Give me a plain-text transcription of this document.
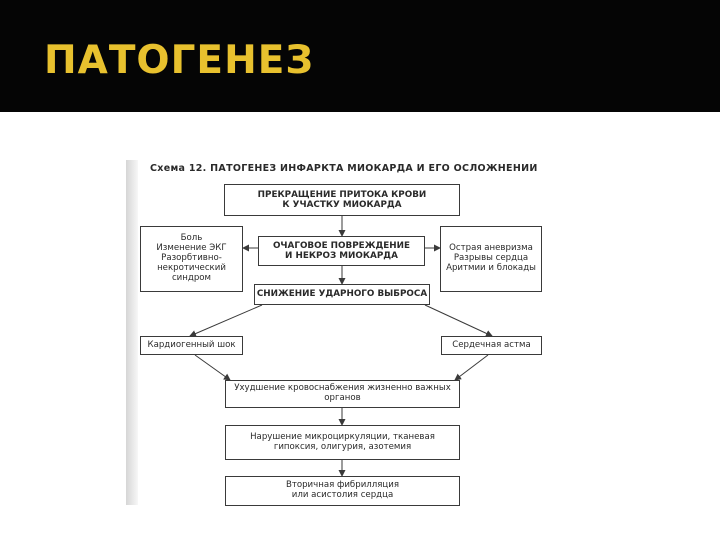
ПАТОГЕНЕЗ
Схема 12. ПАТОГЕНЕЗ ИНФАРКТА МИОКАРДА И ЕГО ОСЛОЖНЕНИЙ
ПРЕКРАЩЕНИЕ ПРИТОКА КРОВИ
К УЧАСТКУ МИОКАРДА
Боль
Изменение ЭКГ
Разорбтивно-
некротический
синдром
ОЧАГОВОЕ ПОВРЕЖДЕНИЕ
И НЕКРОЗ МИОКАРДА
Острая аневризма
Разрывы сердца
Аритмии и блокады
СНИЖЕНИЕ УДАРНОГО ВЫБРОСА
Кардиогенный шок	Сердечная астма
Ухудшение кровоснабжения жизненно важных
органов
Нарушение микроциркуляции, тканевая
гипоксия, олигурия, азотемия
Вторичная фибрилляция
или асистолия сердца
